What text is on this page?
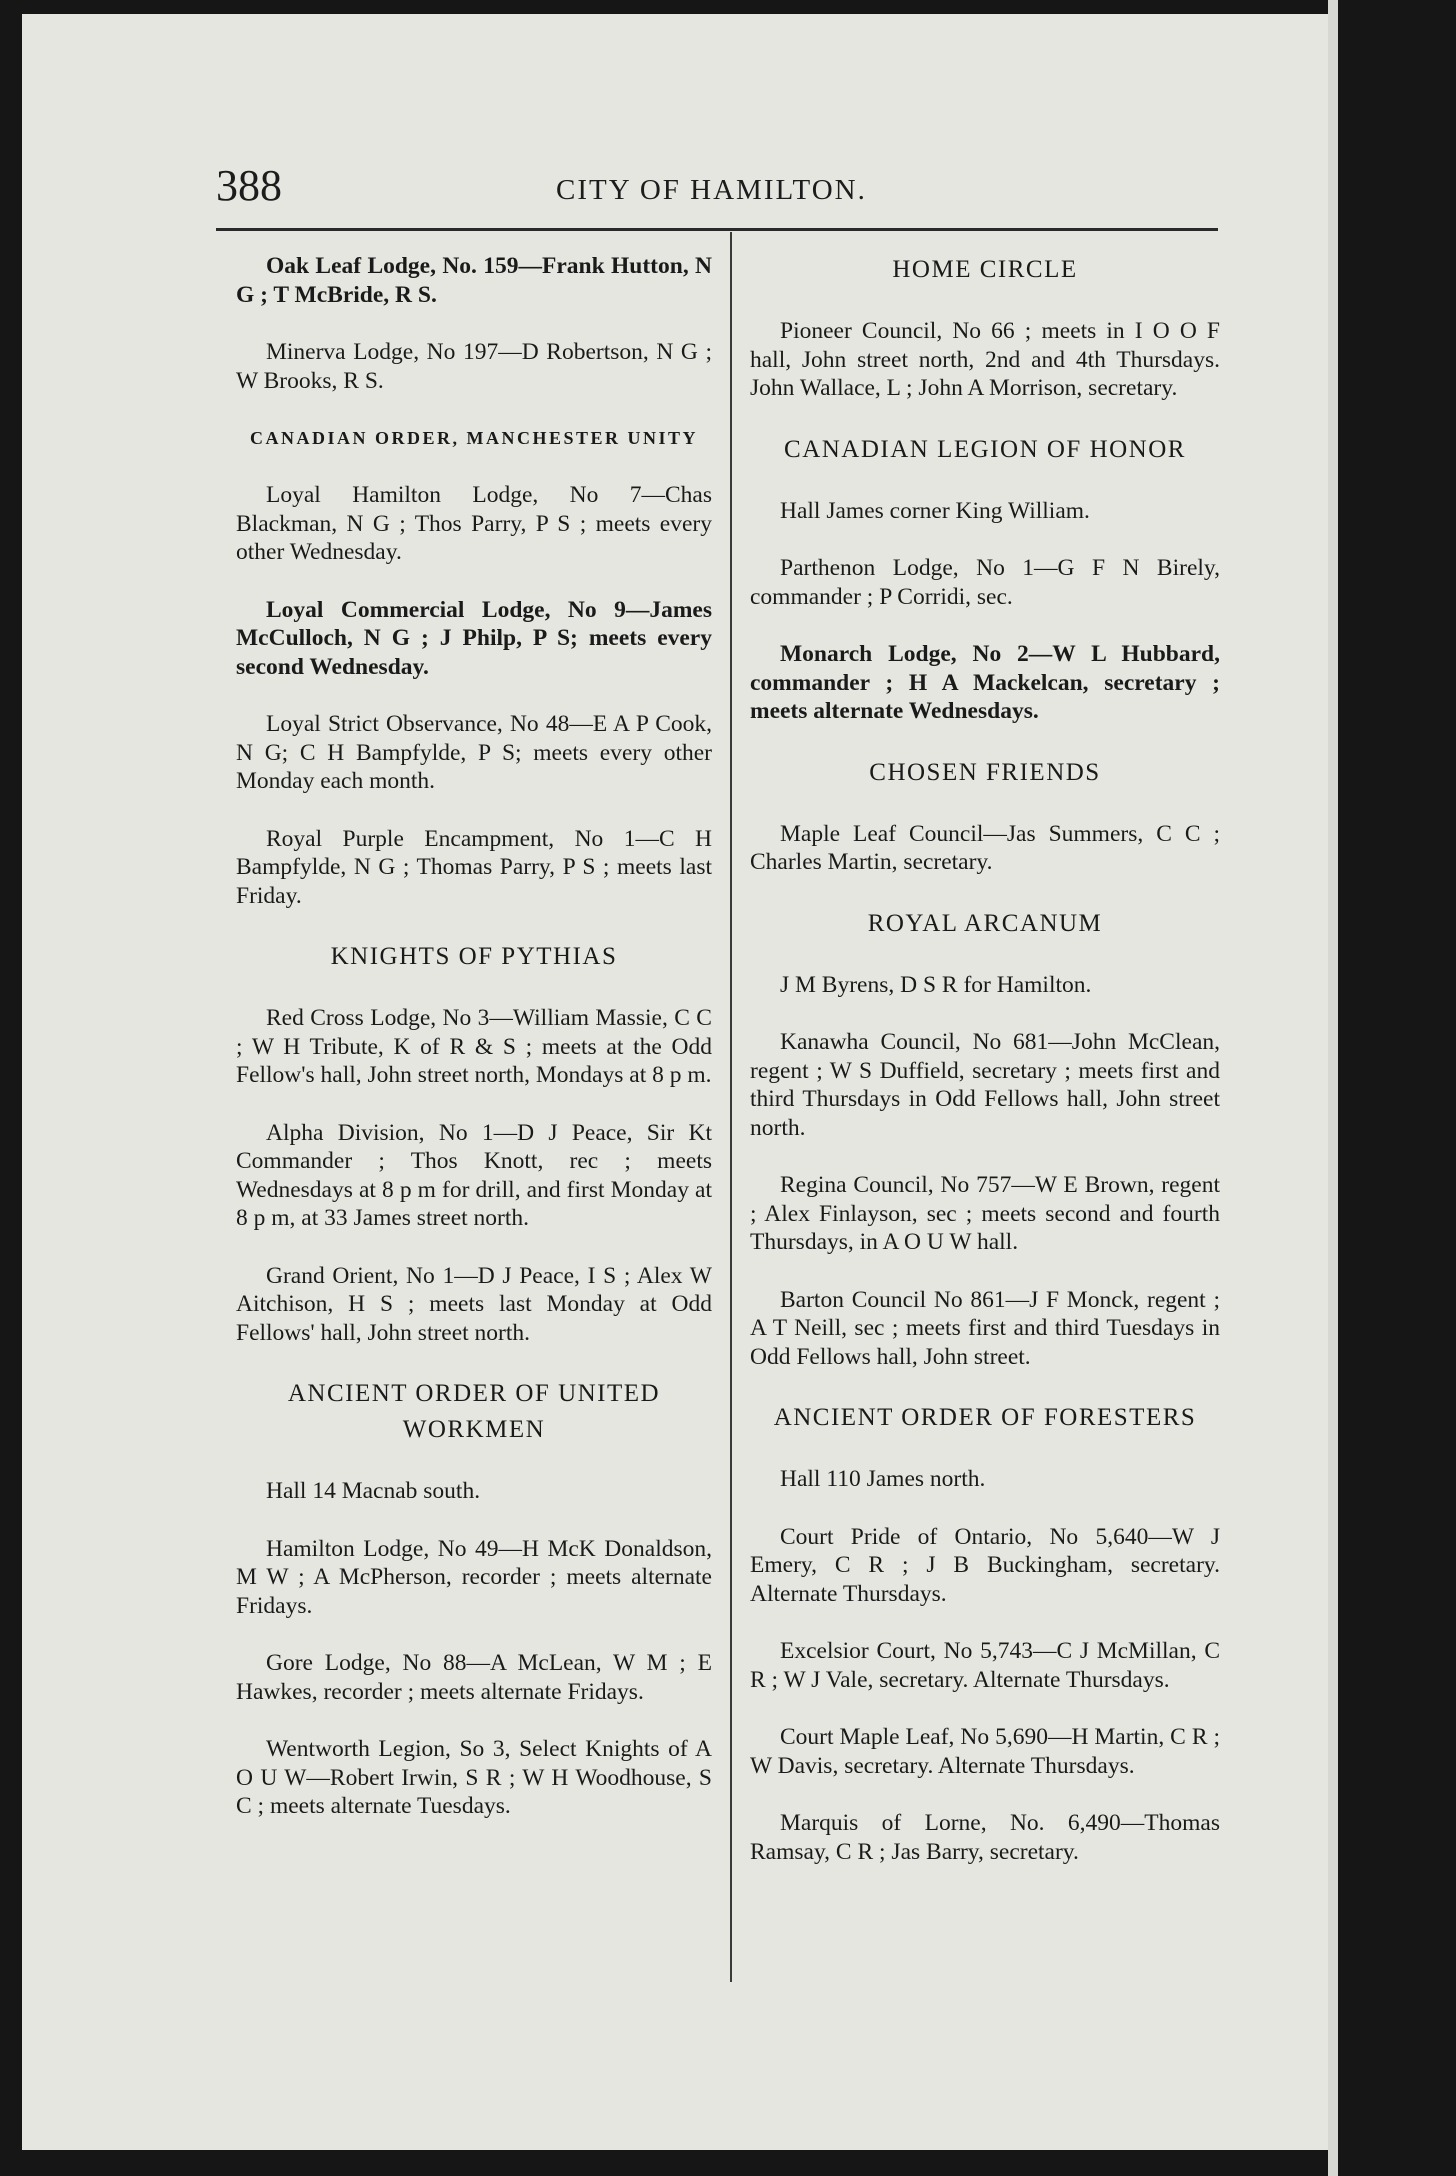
388	CITY OF HAMILTON.

Oak Leaf Lodge, No. 159—Frank Hutton, N G ; T McBride, R S.

Minerva Lodge, No 197—D Robertson, N G ; W Brooks, R S.

CANADIAN ORDER, MANCHESTER UNITY

Loyal Hamilton Lodge, No 7—Chas Blackman, N G ; Thos Parry, P S ; meets every other Wednesday.

Loyal Commercial Lodge, No 9—James McCulloch, N G ; J Philp, P S; meets every second Wednesday.

Loyal Strict Observance, No 48—E A P Cook, N G; C H Bampfylde, P S; meets every other Monday each month.

Royal Purple Encampment, No 1—C H Bampfylde, N G ; Thomas Parry, P S ; meets last Friday.

KNIGHTS OF PYTHIAS

Red Cross Lodge, No 3—William Massie, C C ; W H Tribute, K of R & S ; meets at the Odd Fellow's hall, John street north, Mondays at 8 p m.

Alpha Division, No 1—D J Peace, Sir Kt Commander ; Thos Knott, rec ; meets Wednesdays at 8 p m for drill, and first Monday at 8 p m, at 33 James street north.

Grand Orient, No 1—D J Peace, I S ; Alex W Aitchison, H S ; meets last Monday at Odd Fellows' hall, John street north.

ANCIENT ORDER OF UNITED WORKMEN

Hall 14 Macnab south.

Hamilton Lodge, No 49—H McK Donaldson, M W ; A McPherson, recorder ; meets alternate Fridays.

Gore Lodge, No 88—A McLean, W M ; E Hawkes, recorder ; meets alternate Fridays.

Wentworth Legion, So 3, Select Knights of A O U W—Robert Irwin, S R ; W H Woodhouse, S C ; meets alternate Tuesdays.

HOME CIRCLE

Pioneer Council, No 66 ; meets in I O O F hall, John street north, 2nd and 4th Thursdays. John Wallace, L ; John A Morrison, secretary.

CANADIAN LEGION OF HONOR

Hall James corner King William.

Parthenon Lodge, No 1—G F N Birely, commander ; P Corridi, sec.

Monarch Lodge, No 2—W L Hubbard, commander ; H A Mackelcan, secretary ; meets alternate Wednesdays.

CHOSEN FRIENDS

Maple Leaf Council—Jas Summers, C C ; Charles Martin, secretary.

ROYAL ARCANUM

J M Byrens, D S R for Hamilton.

Kanawha Council, No 681—John McClean, regent ; W S Duffield, secretary ; meets first and third Thursdays in Odd Fellows hall, John street north.

Regina Council, No 757—W E Brown, regent ; Alex Finlayson, sec ; meets second and fourth Thursdays, in A O U W hall.

Barton Council No 861—J F Monck, regent ; A T Neill, sec ; meets first and third Tuesdays in Odd Fellows hall, John street.

ANCIENT ORDER OF FORESTERS

Hall 110 James north.

Court Pride of Ontario, No 5,640—W J Emery, C R ; J B Buckingham, secretary. Alternate Thursdays.

Excelsior Court, No 5,743—C J McMillan, C R ; W J Vale, secretary. Alternate Thursdays.

Court Maple Leaf, No 5,690—H Martin, C R ; W Davis, secretary. Alternate Thursdays.

Marquis of Lorne, No. 6,490—Thomas Ramsay, C R ; Jas Barry, secretary.
